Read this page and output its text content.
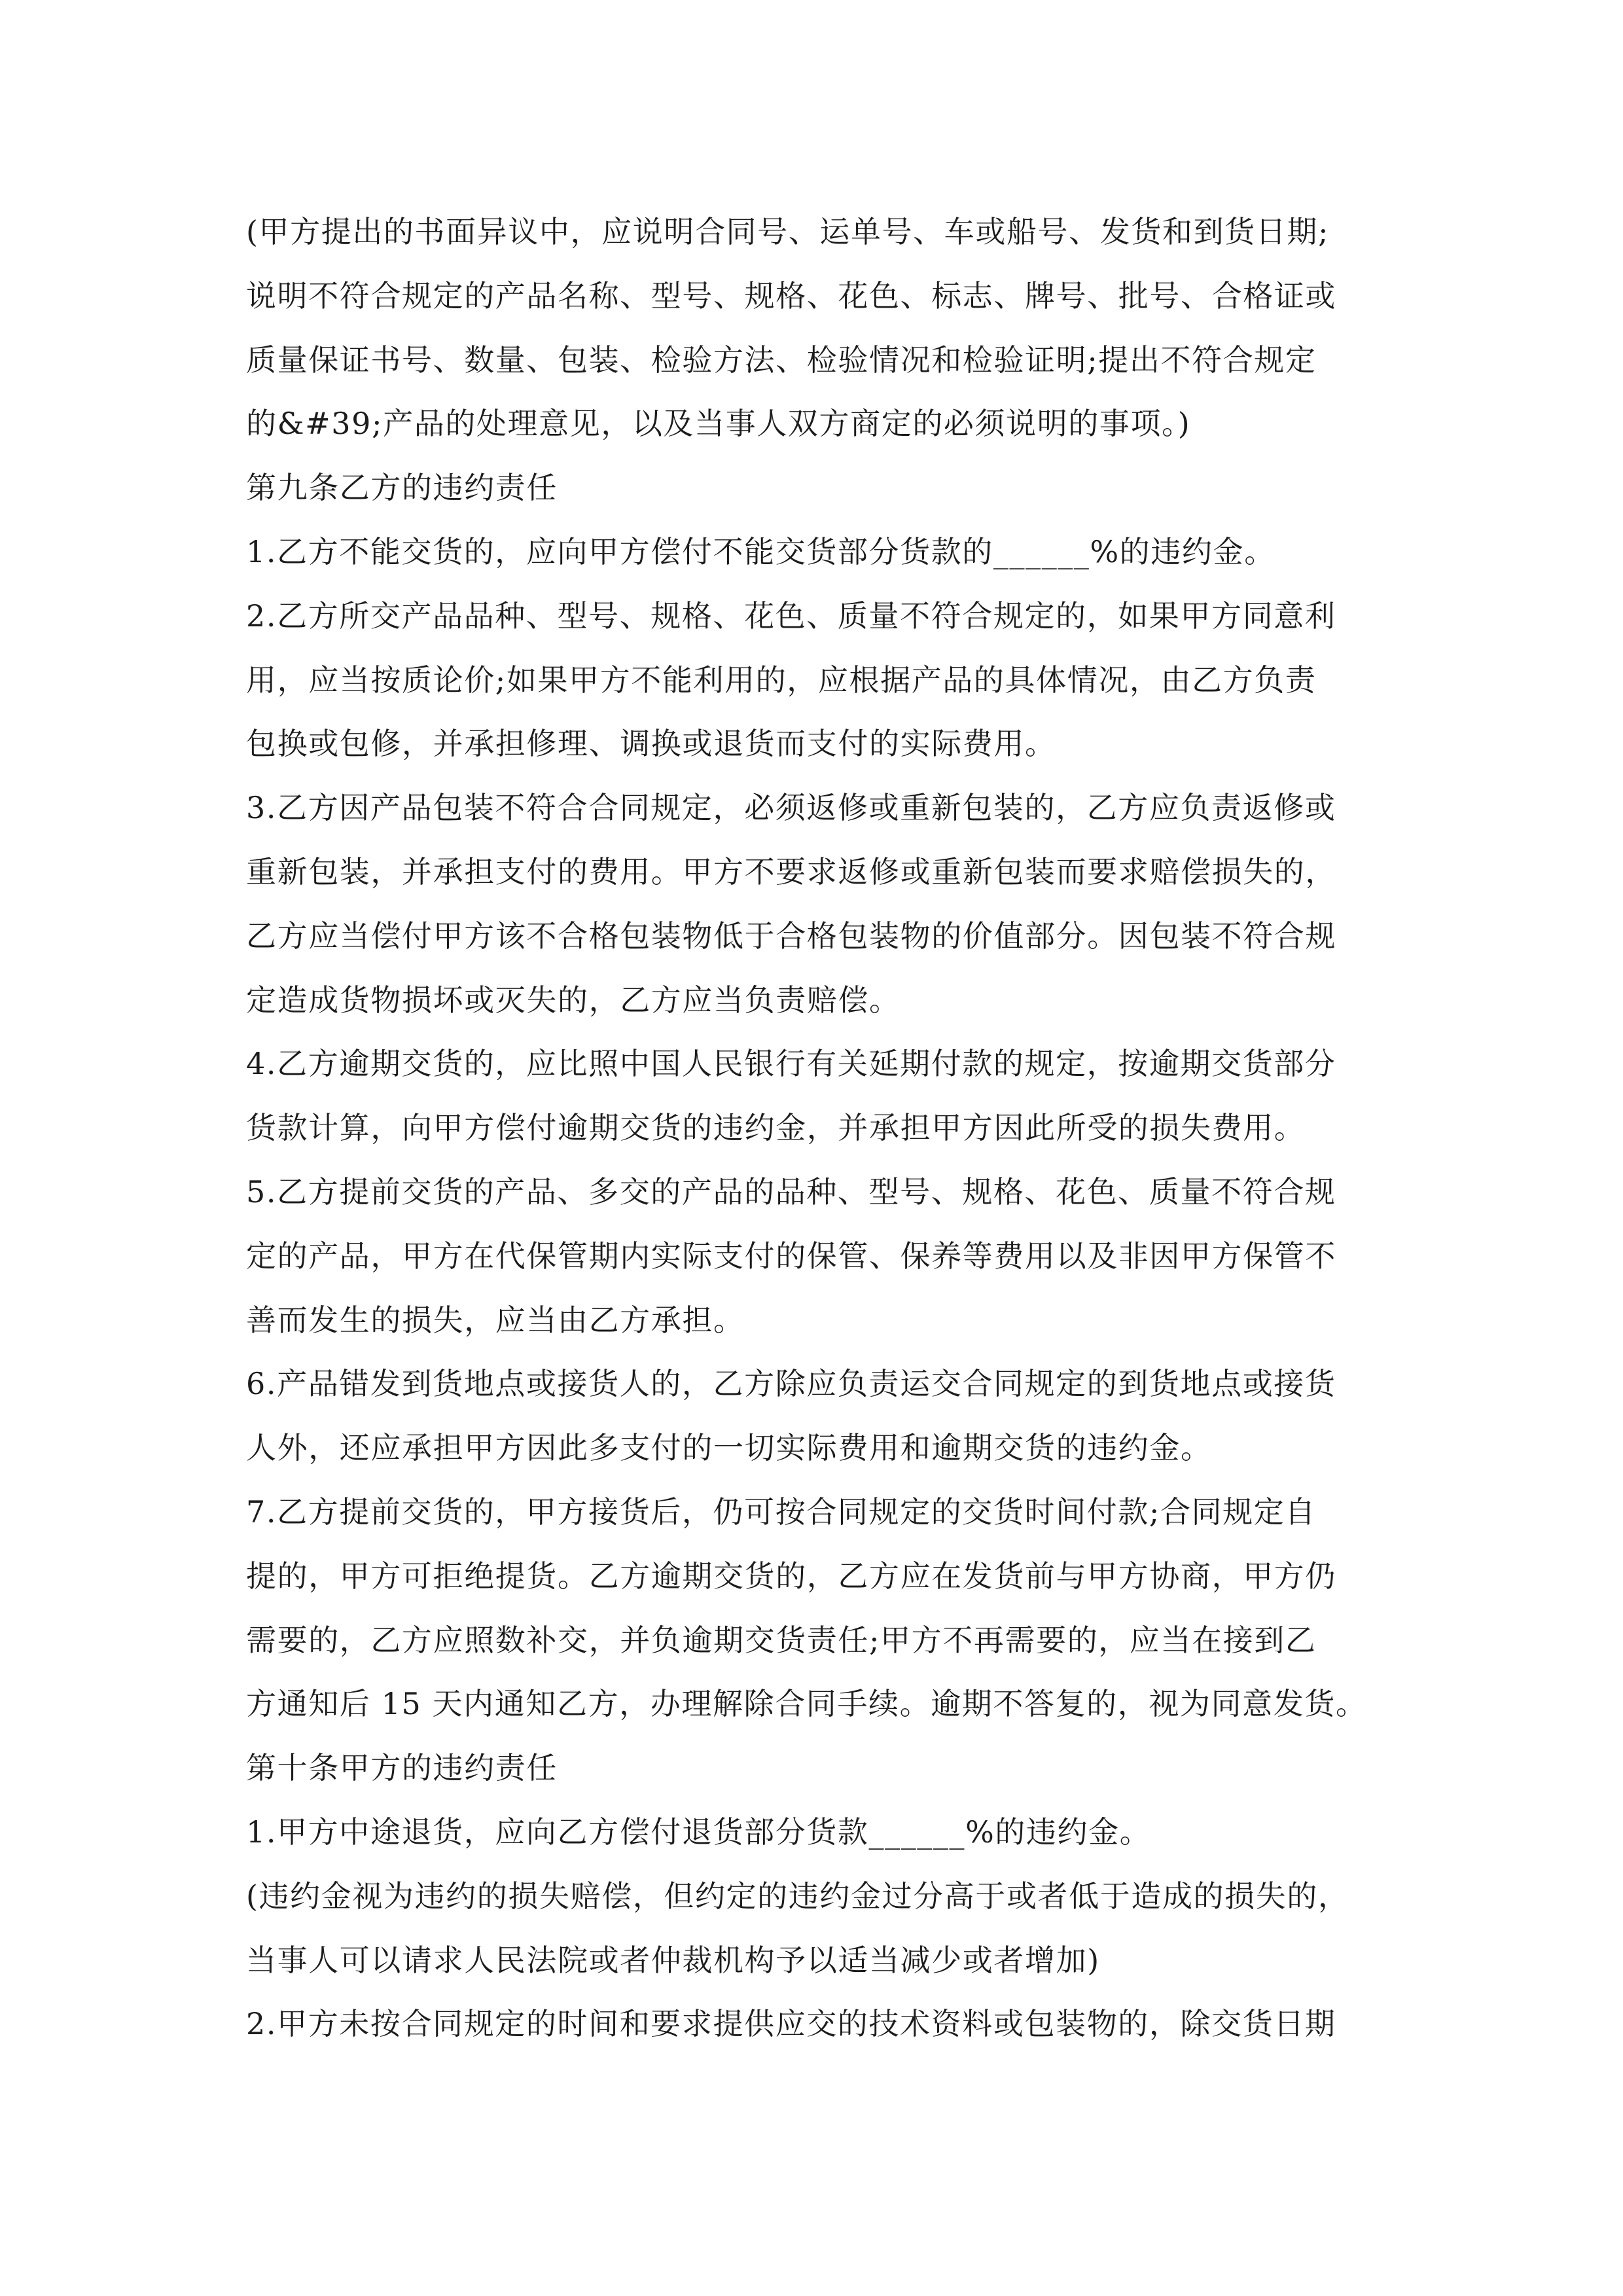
(甲方提出的书面异议中，应说明合同号、运单号、车或船号、发货和到货日期;
说明不符合规定的产品名称、型号、规格、花色、标志、牌号、批号、合格证或
质量保证书号、数量、包装、检验方法、检验情况和检验证明;提出不符合规定
的&#39;产品的处理意见，以及当事人双方商定的必须说明的事项。)
第九条乙方的违约责任
1.乙方不能交货的，应向甲方偿付不能交货部分货款的______%的违约金。
2.乙方所交产品品种、型号、规格、花色、质量不符合规定的，如果甲方同意利
用，应当按质论价;如果甲方不能利用的，应根据产品的具体情况，由乙方负责
包换或包修，并承担修理、调换或退货而支付的实际费用。
3.乙方因产品包装不符合合同规定，必须返修或重新包装的，乙方应负责返修或
重新包装，并承担支付的费用。甲方不要求返修或重新包装而要求赔偿损失的，
乙方应当偿付甲方该不合格包装物低于合格包装物的价值部分。因包装不符合规
定造成货物损坏或灭失的，乙方应当负责赔偿。
4.乙方逾期交货的，应比照中国人民银行有关延期付款的规定，按逾期交货部分
货款计算，向甲方偿付逾期交货的违约金，并承担甲方因此所受的损失费用。
5.乙方提前交货的产品、多交的产品的品种、型号、规格、花色、质量不符合规
定的产品，甲方在代保管期内实际支付的保管、保养等费用以及非因甲方保管不
善而发生的损失，应当由乙方承担。
6.产品错发到货地点或接货人的，乙方除应负责运交合同规定的到货地点或接货
人外，还应承担甲方因此多支付的一切实际费用和逾期交货的违约金。
7.乙方提前交货的，甲方接货后，仍可按合同规定的交货时间付款;合同规定自
提的，甲方可拒绝提货。乙方逾期交货的，乙方应在发货前与甲方协商，甲方仍
需要的，乙方应照数补交，并负逾期交货责任;甲方不再需要的，应当在接到乙
方通知后 15 天内通知乙方，办理解除合同手续。逾期不答复的，视为同意发货。
第十条甲方的违约责任
1.甲方中途退货，应向乙方偿付退货部分货款______%的违约金。
(违约金视为违约的损失赔偿，但约定的违约金过分高于或者低于造成的损失的，
当事人可以请求人民法院或者仲裁机构予以适当减少或者增加)
2.甲方未按合同规定的时间和要求提供应交的技术资料或包装物的，除交货日期
